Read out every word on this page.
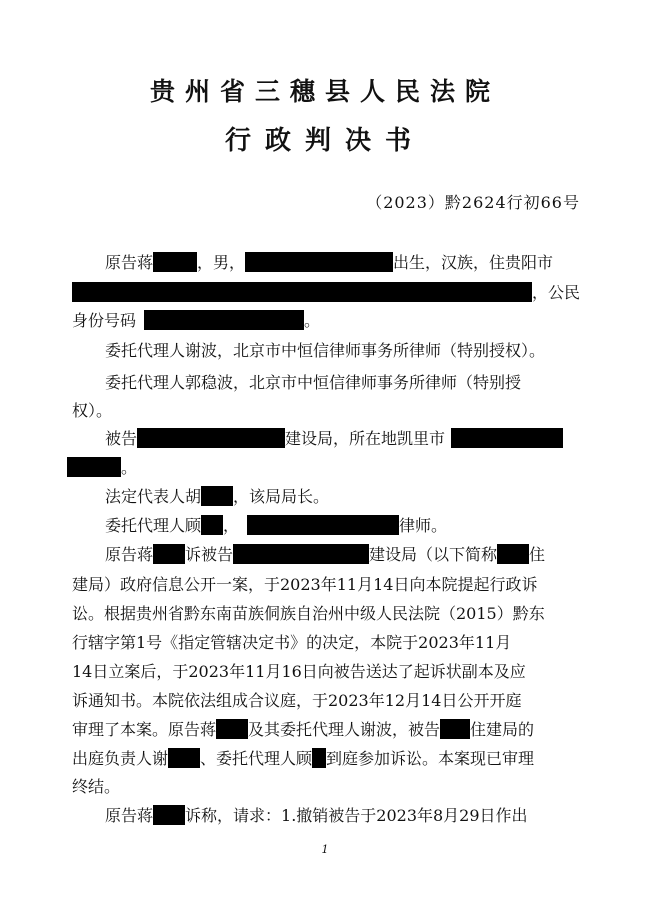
贵州省三穗县人民法院
行政判决书
（2023）黔2624行初66号
原告蒋	，男，	出生，汉族，住贵阳市
，公民
身份号码	。
委托代理人谢波，北京市中恒信律师事务所律师（特别授权）。
委托代理人郭稳波，北京市中恒信律师事务所律师（特别授
权）。
被告	建设局，所在地凯里市
。
法定代表人胡 ，该局局长。
委托代理人顾 ，	律师。
原告蒋 诉被告	建设局（以下简称 住
建局）政府信息公开一案，于2023年11月14日向本院提起行政诉
讼。根据贵州省黔东南苗族侗族自治州中级人民法院（2015）黔东
行辖字第1号《指定管辖决定书》的决定，本院于2023年11月
14日立案后，于2023年11月16日向被告送达了起诉状副本及应
诉通知书。本院依法组成合议庭，于2023年12月14日公开开庭
审理了本案。原告蒋 及其委托代理人谢波，被告 住建局的
出庭负责人谢 、委托代理人顾 到庭参加诉讼。本案现已审理
终结。
原告蒋 诉称，请求：1.撤销被告于2023年8月29日作出
1
